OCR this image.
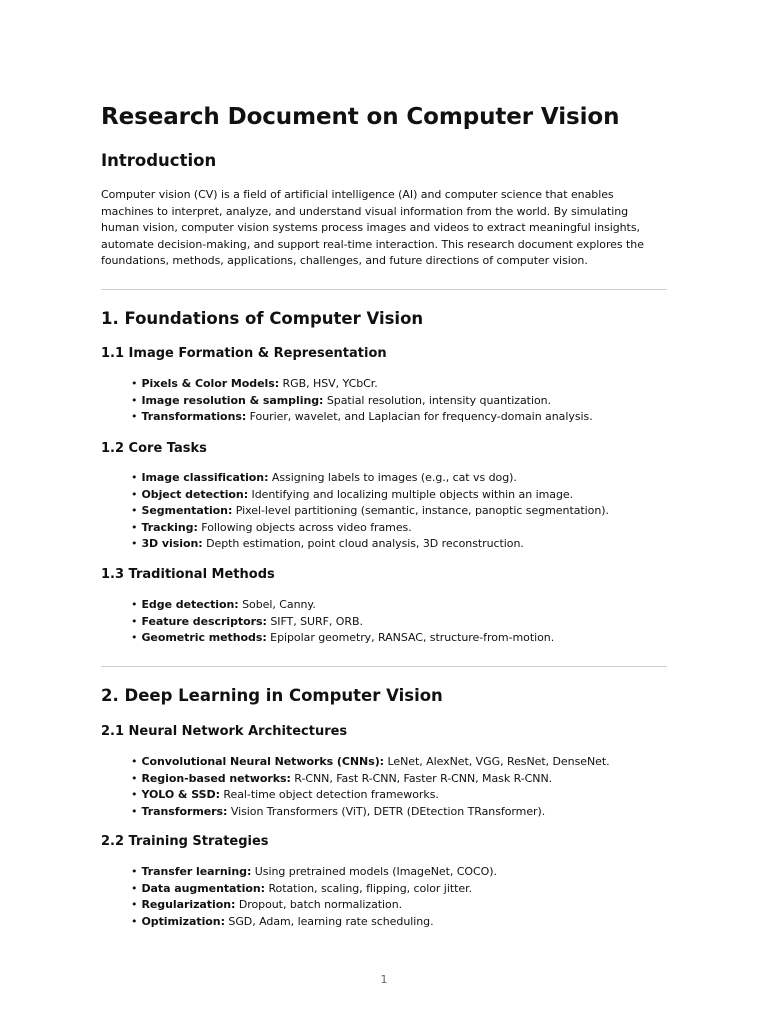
Research Document on Computer Vision
Introduction

Computer vision (CV) is a field of artificial intelligence (AI) and computer science that enables machines to interpret, analyze, and understand visual information from the world. By simulating human vision, computer vision systems process images and videos to extract meaningful insights, automate decision-making, and support real-time interaction. This research document explores the foundations, methods, applications, challenges, and future directions of computer vision.

1. Foundations of Computer Vision
1.1 Image Formation & Representation
• Pixels & Color Models: RGB, HSV, YCbCr.
• Image resolution & sampling: Spatial resolution, intensity quantization.
• Transformations: Fourier, wavelet, and Laplacian for frequency-domain analysis.
1.2 Core Tasks
• Image classification: Assigning labels to images (e.g., cat vs dog).
• Object detection: Identifying and localizing multiple objects within an image.
• Segmentation: Pixel-level partitioning (semantic, instance, panoptic segmentation).
• Tracking: Following objects across video frames.
• 3D vision: Depth estimation, point cloud analysis, 3D reconstruction.
1.3 Traditional Methods
• Edge detection: Sobel, Canny.
• Feature descriptors: SIFT, SURF, ORB.
• Geometric methods: Epipolar geometry, RANSAC, structure-from-motion.
2. Deep Learning in Computer Vision
2.1 Neural Network Architectures
• Convolutional Neural Networks (CNNs): LeNet, AlexNet, VGG, ResNet, DenseNet.
• Region-based networks: R-CNN, Fast R-CNN, Faster R-CNN, Mask R-CNN.
• YOLO & SSD: Real-time object detection frameworks.
• Transformers: Vision Transformers (ViT), DETR (DEtection TRansformer).
2.2 Training Strategies
• Transfer learning: Using pretrained models (ImageNet, COCO).
• Data augmentation: Rotation, scaling, flipping, color jitter.
• Regularization: Dropout, batch normalization.
• Optimization: SGD, Adam, learning rate scheduling.
1
